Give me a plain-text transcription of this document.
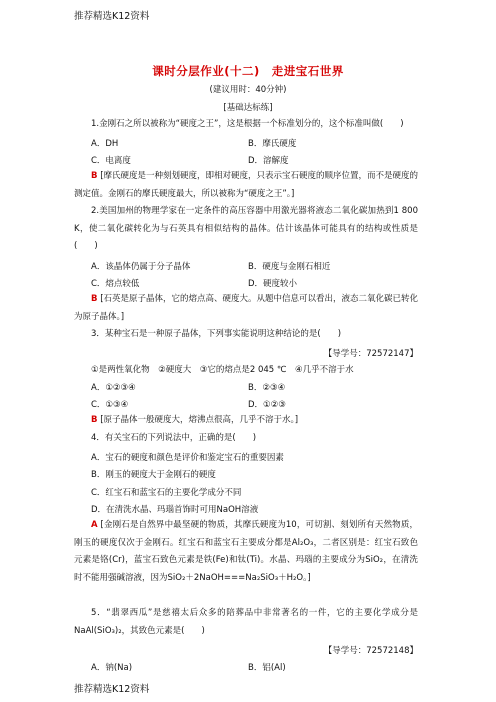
推荐精选K12资料
课时分层作业(十二)　走进宝石世界
(建议用时：40分钟)
[基础达标练]

1.金刚石之所以被称为“硬度之王”，这是根据一个标准划分的，这个标准叫做(　　)

A．DH	B．摩氏硬度
C．电离度	D．溶解度

B [摩氏硬度是一种刻划硬度，即相对硬度，只表示宝石硬度的顺序位置，而不是硬度的测定值。金刚石的摩氏硬度最大，所以被称为“硬度之王”。]

2.美国加州的物理学家在一定条件的高压容器中用激光器将液态二氧化碳加热到1 800 K，使二氧化碳转化为与石英具有相似结构的晶体。估计该晶体可能具有的结构或性质是(　　)

A．该晶体仍属于分子晶体	B．硬度与金刚石相近
C．熔点较低	D．硬度较小

B [石英是原子晶体，它的熔点高、硬度大。从题中信息可以看出，液态二氧化碳已转化为原子晶体。]

3．某种宝石是一种原子晶体，下列事实能说明这种结论的是(　　)

【导学号：72572147】
①是两性氧化物　②硬度大　③它的熔点是2 045 ℃　④几乎不溶于水
A．①②③④	B．②③④
C．①③④	D．①②③

B [原子晶体一般硬度大，熔沸点很高，几乎不溶于水。]

4．有关宝石的下列说法中，正确的是(　　)

A．宝石的硬度和颜色是评价和鉴定宝石的重要因素
B．刚玉的硬度大于金刚石的硬度
C．红宝石和蓝宝石的主要化学成分不同
D．在清洗水晶、玛瑙首饰时可用NaOH溶液

A [金刚石是自然界中最坚硬的物质，其摩氏硬度为10，可切割、刻划所有天然物质，刚玉的硬度仅次于金刚石。红宝石和蓝宝石主要成分都是Al₂O₃，二者区别是：红宝石致色元素是铬(Cr)，蓝宝石致色元素是铁(Fe)和钛(Ti)。水晶、玛瑙的主要成分为SiO₂，在清洗时不能用强碱溶液，因为SiO₂＋2NaOH===Na₂SiO₃＋H₂O。]

5．“翡翠西瓜”是慈禧太后众多的陪葬品中非常著名的一件，它的主要化学成分是NaAl(SiO₃)₂，其致色元素是(　　)

【导学号：72572148】
A．钠(Na)	B．铝(Al)
推荐精选K12资料
